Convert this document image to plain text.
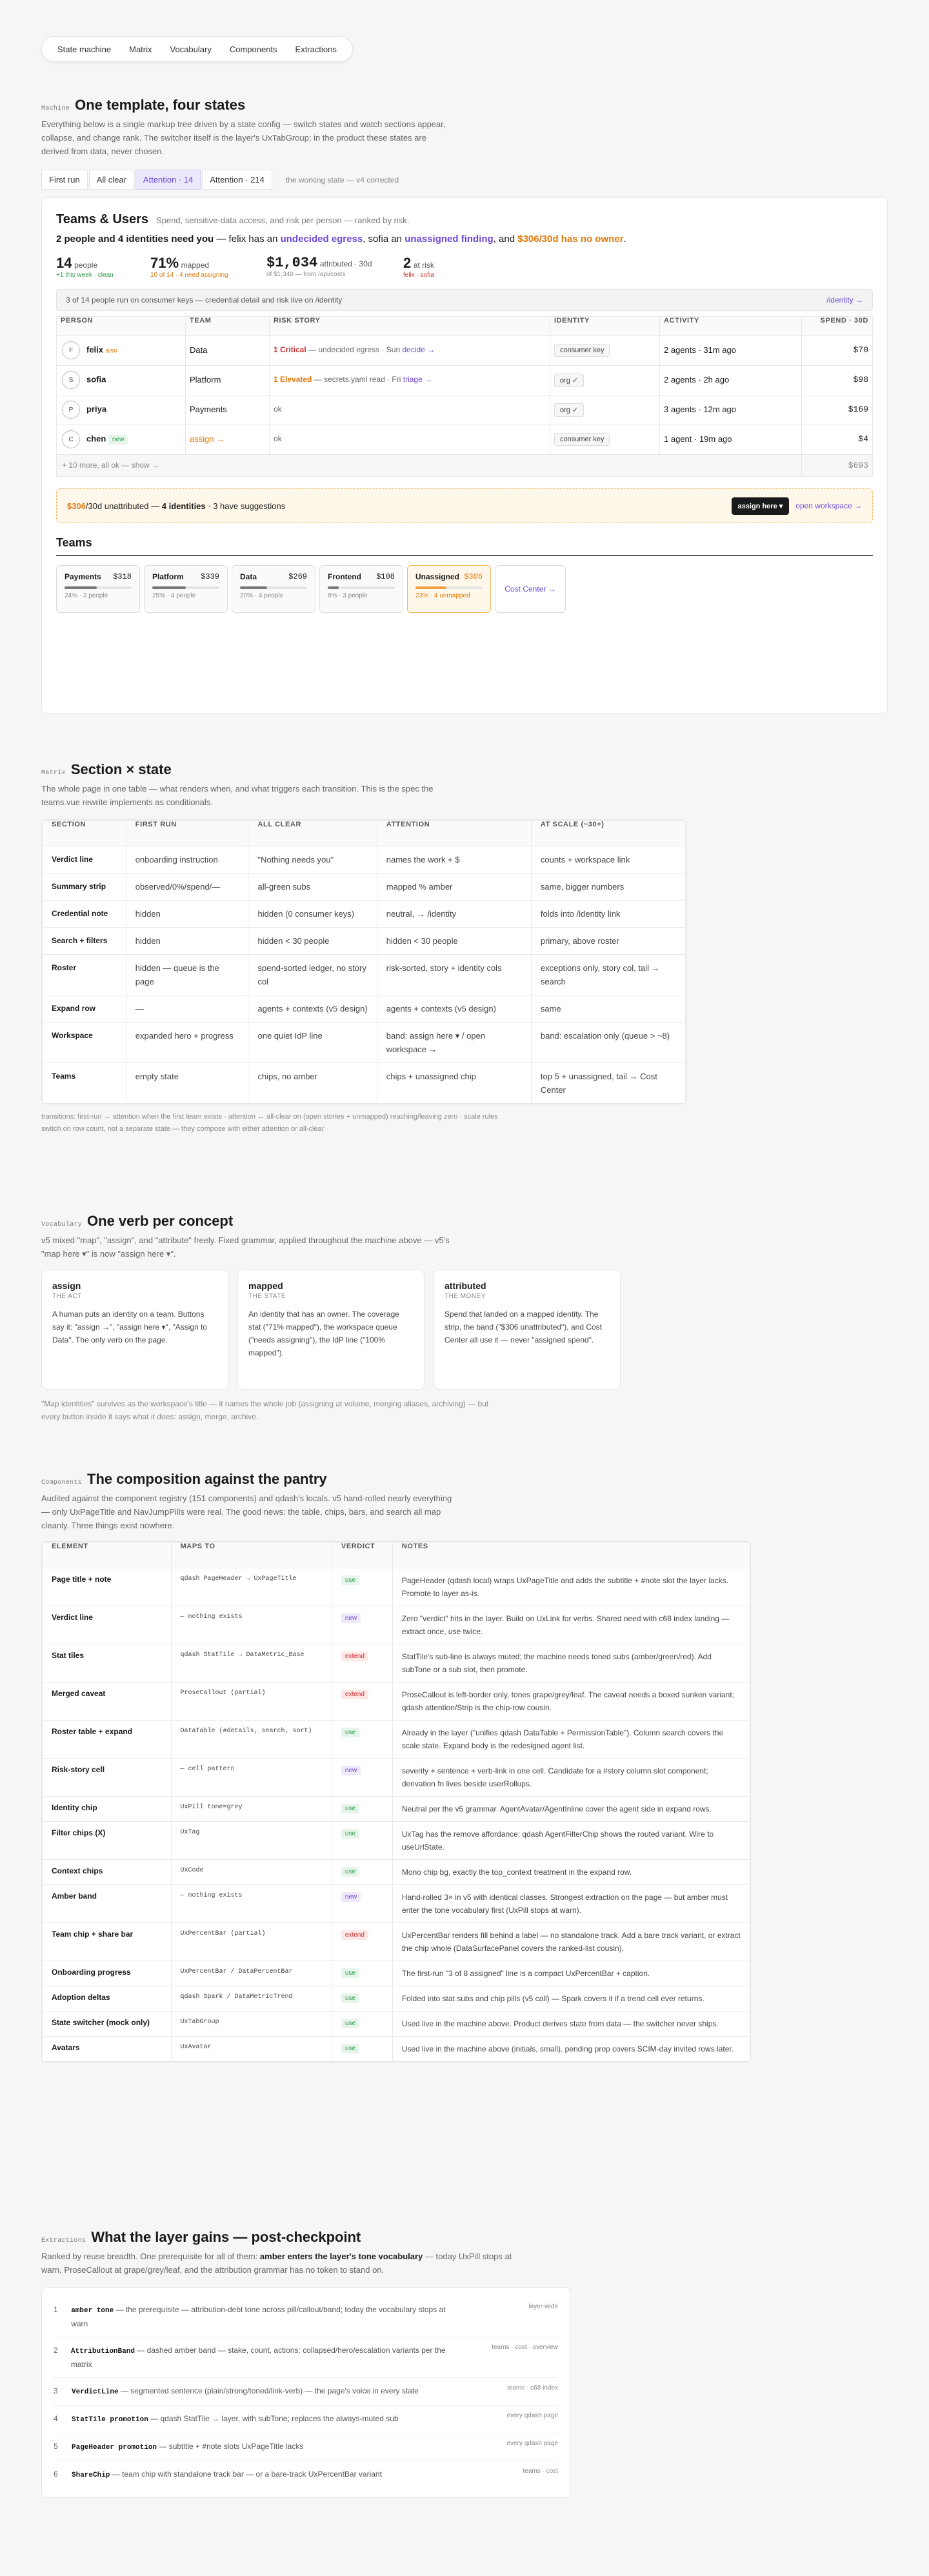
State machine	Matrix	Vocabulary	Components	Extractions
Machine One template, four states

Everything below is a single markup tree driven by a state config — switch states and watch sections appear, collapse, and change rank. The switcher itself is the layer's UxTabGroup; in the product these states are derived from data, never chosen.

First run	All clear	Attention · 14	Attention · 214	the working state — v4 corrected
Teams & Users Spend, sensitive-data access, and risk per person — ranked by risk.
2 people and 4 identities need you — felix has an undecided egress, sofia an unassigned finding, and $306/30d has no owner.
14 people
+1 this week · clean
71% mapped
10 of 14 · 4 need assigning
$1,034 attributed · 30d
of $1,340 — from /api/costs
2 at risk
felix · sofia
3 of 14 people run on consumer keys — credential detail and risk live on /identity	/identity →
PERSON	TEAM	RISK STORY	IDENTITY	ACTIVITY	SPEND · 30D
F felix also	Data	1 Critical — undecided egress · Sun decide →	consumer key	2 agents · 31m ago	$70
S sofia	Platform	1 Elevated — secrets.yaml read · Fri triage →	org ✓	2 agents · 2h ago	$98
P priya	Payments	ok	org ✓	3 agents · 12m ago	$169
C chen new	assign →	ok	consumer key	1 agent · 19m ago	$4
+ 10 more, all ok — show →					$693
$306/30d unattributed — 4 identities · 3 have suggestions	assign here ▾	open workspace →
Teams
Payments $318
24% · 3 people
Platform $339
25% · 4 people
Data	$269
20% · 4 people
Frontend $108
8% · 3 people
Unassigned $306
23% · 4 unmapped
Cost Center →
Matrix Section × state

The whole page in one table — what renders when, and what triggers each transition. This is the spec the teams.vue rewrite implements as conditionals.

SECTION	FIRST RUN	ALL CLEAR	ATTENTION	AT SCALE (~30+)
Verdict line	onboarding instruction	"Nothing needs you"	names the work + $	counts + workspace link
Summary strip	observed/0%/spend/—	all-green subs	mapped % amber	same, bigger numbers
Credential note	hidden	hidden (0 consumer keys)	neutral, → /identity	folds into /identity link
Search + filters	hidden	hidden < 30 people	hidden < 30 people	primary, above roster
Roster	hidden — queue is the page	spend-sorted ledger, no story col	risk-sorted, story + identity cols	exceptions only, story col, tail → search
Expand row	—	agents + contexts (v5 design)	agents + contexts (v5 design)	same
Workspace	expanded hero + progress	one quiet IdP line	band: assign here ▾ / open workspace →	band: escalation only (queue > ~8)
Teams	empty state	chips, no amber	chips + unassigned chip	top 5 + unassigned, tail → Cost Center

transitions: first-run → attention when the first team exists · attention ↔ all-clear on (open stories + unmapped) reaching/leaving zero · scale rules switch on row count, not a separate state — they compose with either attention or all-clear

Vocabulary One verb per concept

v5 mixed "map", "assign", and "attribute" freely. Fixed grammar, applied throughout the machine above — v5's "map here ▾" is now "assign here ▾".

assign
THE ACT

A human puts an identity on a team. Buttons say it: "assign →", "assign here ▾", "Assign to Data". The only verb on the page.

mapped
THE STATE

An identity that has an owner. The coverage stat ("71% mapped"), the workspace queue ("needs assigning"), the IdP line ("100% mapped").

attributed
THE MONEY

Spend that landed on a mapped identity. The strip, the band ("$306 unattributed"), and Cost Center all use it — never "assigned spend".

"Map identities" survives as the workspace's title — it names the whole job (assigning at volume, merging aliases, archiving) — but every button inside it says what it does: assign, merge, archive.

Components The composition against the pantry

Audited against the component registry (151 components) and qdash's locals. v5 hand-rolled nearly everything — only UxPageTitle and NavJumpPills were real. The good news: the table, chips, bars, and search all map cleanly. Three things exist nowhere.

ELEMENT	MAPS TO	VERDICT	NOTES
Page title + note	qdash PageHeader → UxPageTitle	use	PageHeader (qdash local) wraps UxPageTitle and adds the subtitle + #note slot the layer lacks. Promote to layer as-is.
Verdict line	— nothing exists	new	Zero "verdict" hits in the layer. Build on UxLink for verbs. Shared need with c68 index landing — extract once, use twice.
Stat tiles	qdash StatTile → DataMetric_Base	extend	StatTile's sub-line is always muted; the machine needs toned subs (amber/green/red). Add subTone or a sub slot, then promote.
Merged caveat	ProseCallout (partial)	extend	ProseCallout is left-border only, tones grape/grey/leaf. The caveat needs a boxed sunken variant; qdash attention/Strip is the chip-row cousin.
Roster table + expand	DataTable (#details, search, sort)	use	Already in the layer ("unifies qdash DataTable + PermissionTable"). Column search covers the scale state. Expand body is the redesigned agent list.
Risk-story cell	— cell pattern	new	severity + sentence + verb-link in one cell. Candidate for a #story column slot component; derivation fn lives beside userRollups.
Identity chip	UxPill tone=grey	use	Neutral per the v5 grammar. AgentAvatar/AgentInline cover the agent side in expand rows.
Filter chips (X)	UxTag	use	UxTag has the remove affordance; qdash AgentFilterChip shows the routed variant. Wire to useUrlState.
Context chips	UxCode	use	Mono chip bg, exactly the top_context treatment in the expand row.
Amber band	— nothing exists	new	Hand-rolled 3× in v5 with identical classes. Strongest extraction on the page — but amber must enter the tone vocabulary first (UxPill stops at warn).
Team chip + share bar	UxPercentBar (partial)	extend	UxPercentBar renders fill behind a label — no standalone track. Add a bare track variant, or extract the chip whole (DataSurfacePanel covers the ranked-list cousin).
Onboarding progress	UxPercentBar / DataPercentBar	use	The first-run "3 of 8 assigned" line is a compact UxPercentBar + caption.
Adoption deltas	qdash Spark / DataMetricTrend	use	Folded into stat subs and chip pills (v5 call) — Spark covers it if a trend cell ever returns.
State switcher (mock only)	UxTabGroup	use	Used live in the machine above. Product derives state from data — the switcher never ships.
Avatars	UxAvatar	use	Used live in the machine above (initials, small). pending prop covers SCIM-day invited rows later.
Extractions What the layer gains — post-checkpoint

Ranked by reuse breadth. One prerequisite for all of them: amber enters the layer's tone vocabulary — today UxPill stops at warn, ProseCallout at grape/grey/leaf, and the attribution grammar has no token to stand on.

1	amber tone — the prerequisite — attribution-debt tone across pill/callout/band; today the vocabulary stops at warn
layer-wide
2	AttributionBand — dashed amber band — stake, count, actions; collapsed/hero/escalation variants per the matrix
teams · cost · overview
3	VerdictLine — segmented sentence (plain/strong/toned/link-verb) — the page's voice in every state	teams · c68 index
4	StatTile promotion — qdash StatTile → layer, with subTone; replaces the always-muted sub	every qdash page
5	PageHeader promotion — subtitle + #note slots UxPageTitle lacks	every qdash page
6	ShareChip — team chip with standalone track bar — or a bare-track UxPercentBar variant	teams · cost
